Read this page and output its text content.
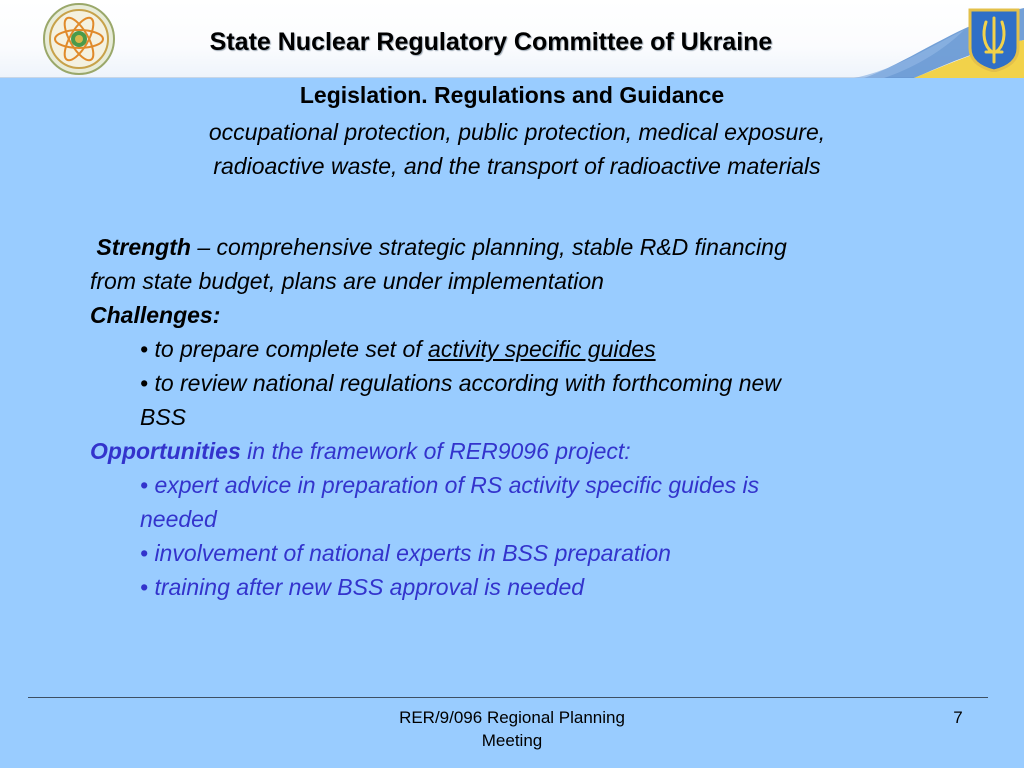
State Nuclear Regulatory Committee of Ukraine
Legislation. Regulations and Guidance
occupational protection, public protection, medical exposure,
radioactive waste, and the transport of radioactive materials
Strength – comprehensive strategic planning, stable R&D financing
from state budget, plans are under implementation
Challenges:
• to prepare complete set of activity specific guides
• to review national regulations according with forthcoming new
BSS
Opportunities in the framework of RER9096 project:
• expert advice in preparation of RS activity specific guides is
needed
• involvement of national experts in BSS preparation
• training after new BSS approval is needed
RER/9/096 Regional Planning
Meeting
7
